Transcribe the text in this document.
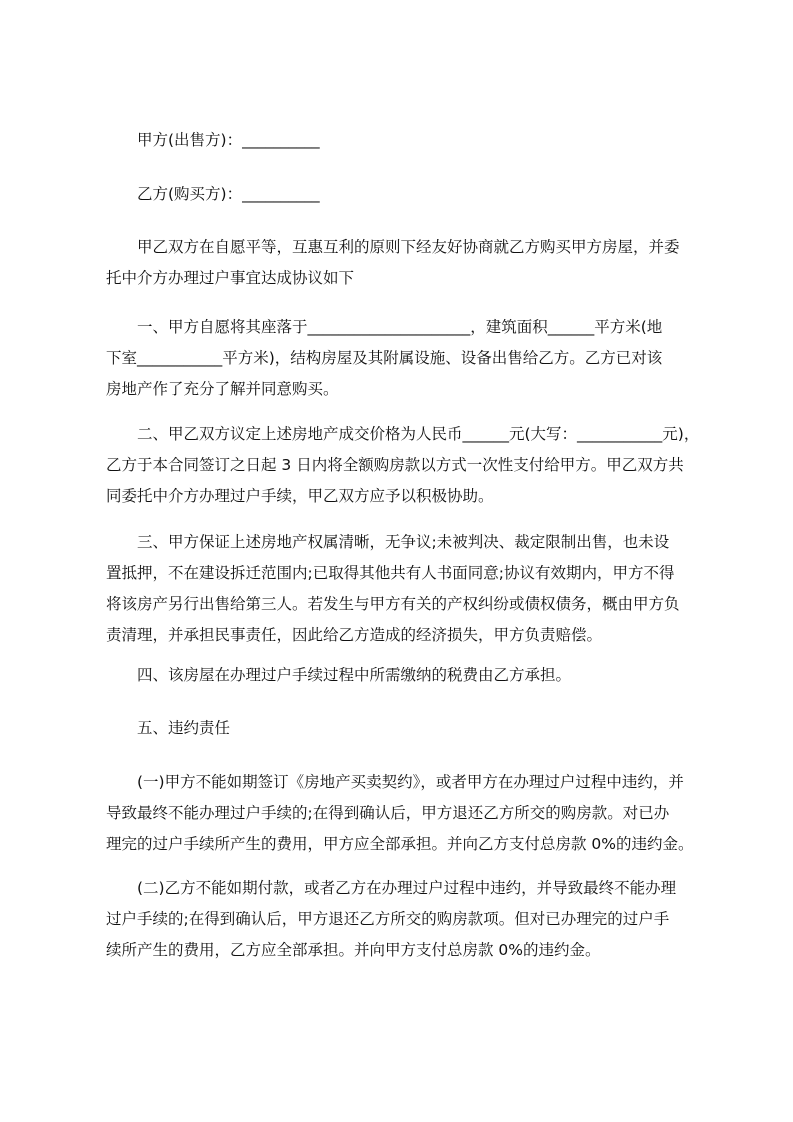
甲方(出售方)：__________

乙方(购买方)：__________

　　甲乙双方在自愿平等，互惠互利的原则下经友好协商就乙方购买甲方房屋，并委
托中介方办理过户事宜达成协议如下

　　一、甲方自愿将其座落于_____________________，建筑面积______平方米(地
下室___________平方米)，结构房屋及其附属设施、设备出售给乙方。乙方已对该
房地产作了充分了解并同意购买。

　　二、甲乙双方议定上述房地产成交价格为人民币______元(大写：___________元)，
乙方于本合同签订之日起 3 日内将全额购房款以方式一次性支付给甲方。甲乙双方共
同委托中介方办理过户手续，甲乙双方应予以积极协助。

　　三、甲方保证上述房地产权属清晰，无争议;未被判决、裁定限制出售，也未设
置抵押，不在建设拆迁范围内;已取得其他共有人书面同意;协议有效期内，甲方不得
将该房产另行出售给第三人。若发生与甲方有关的产权纠纷或债权债务，概由甲方负
责清理，并承担民事责任，因此给乙方造成的经济损失，甲方负责赔偿。

　　四、该房屋在办理过户手续过程中所需缴纳的税费由乙方承担。

　　五、违约责任

　　(一)甲方不能如期签订《房地产买卖契约》，或者甲方在办理过户过程中违约，并
导致最终不能办理过户手续的;在得到确认后，甲方退还乙方所交的购房款。对已办
理完的过户手续所产生的费用，甲方应全部承担。并向乙方支付总房款 0%的违约金。

　　(二)乙方不能如期付款，或者乙方在办理过户过程中违约，并导致最终不能办理
过户手续的;在得到确认后，甲方退还乙方所交的购房款项。但对已办理完的过户手
续所产生的费用，乙方应全部承担。并向甲方支付总房款 0%的违约金。
